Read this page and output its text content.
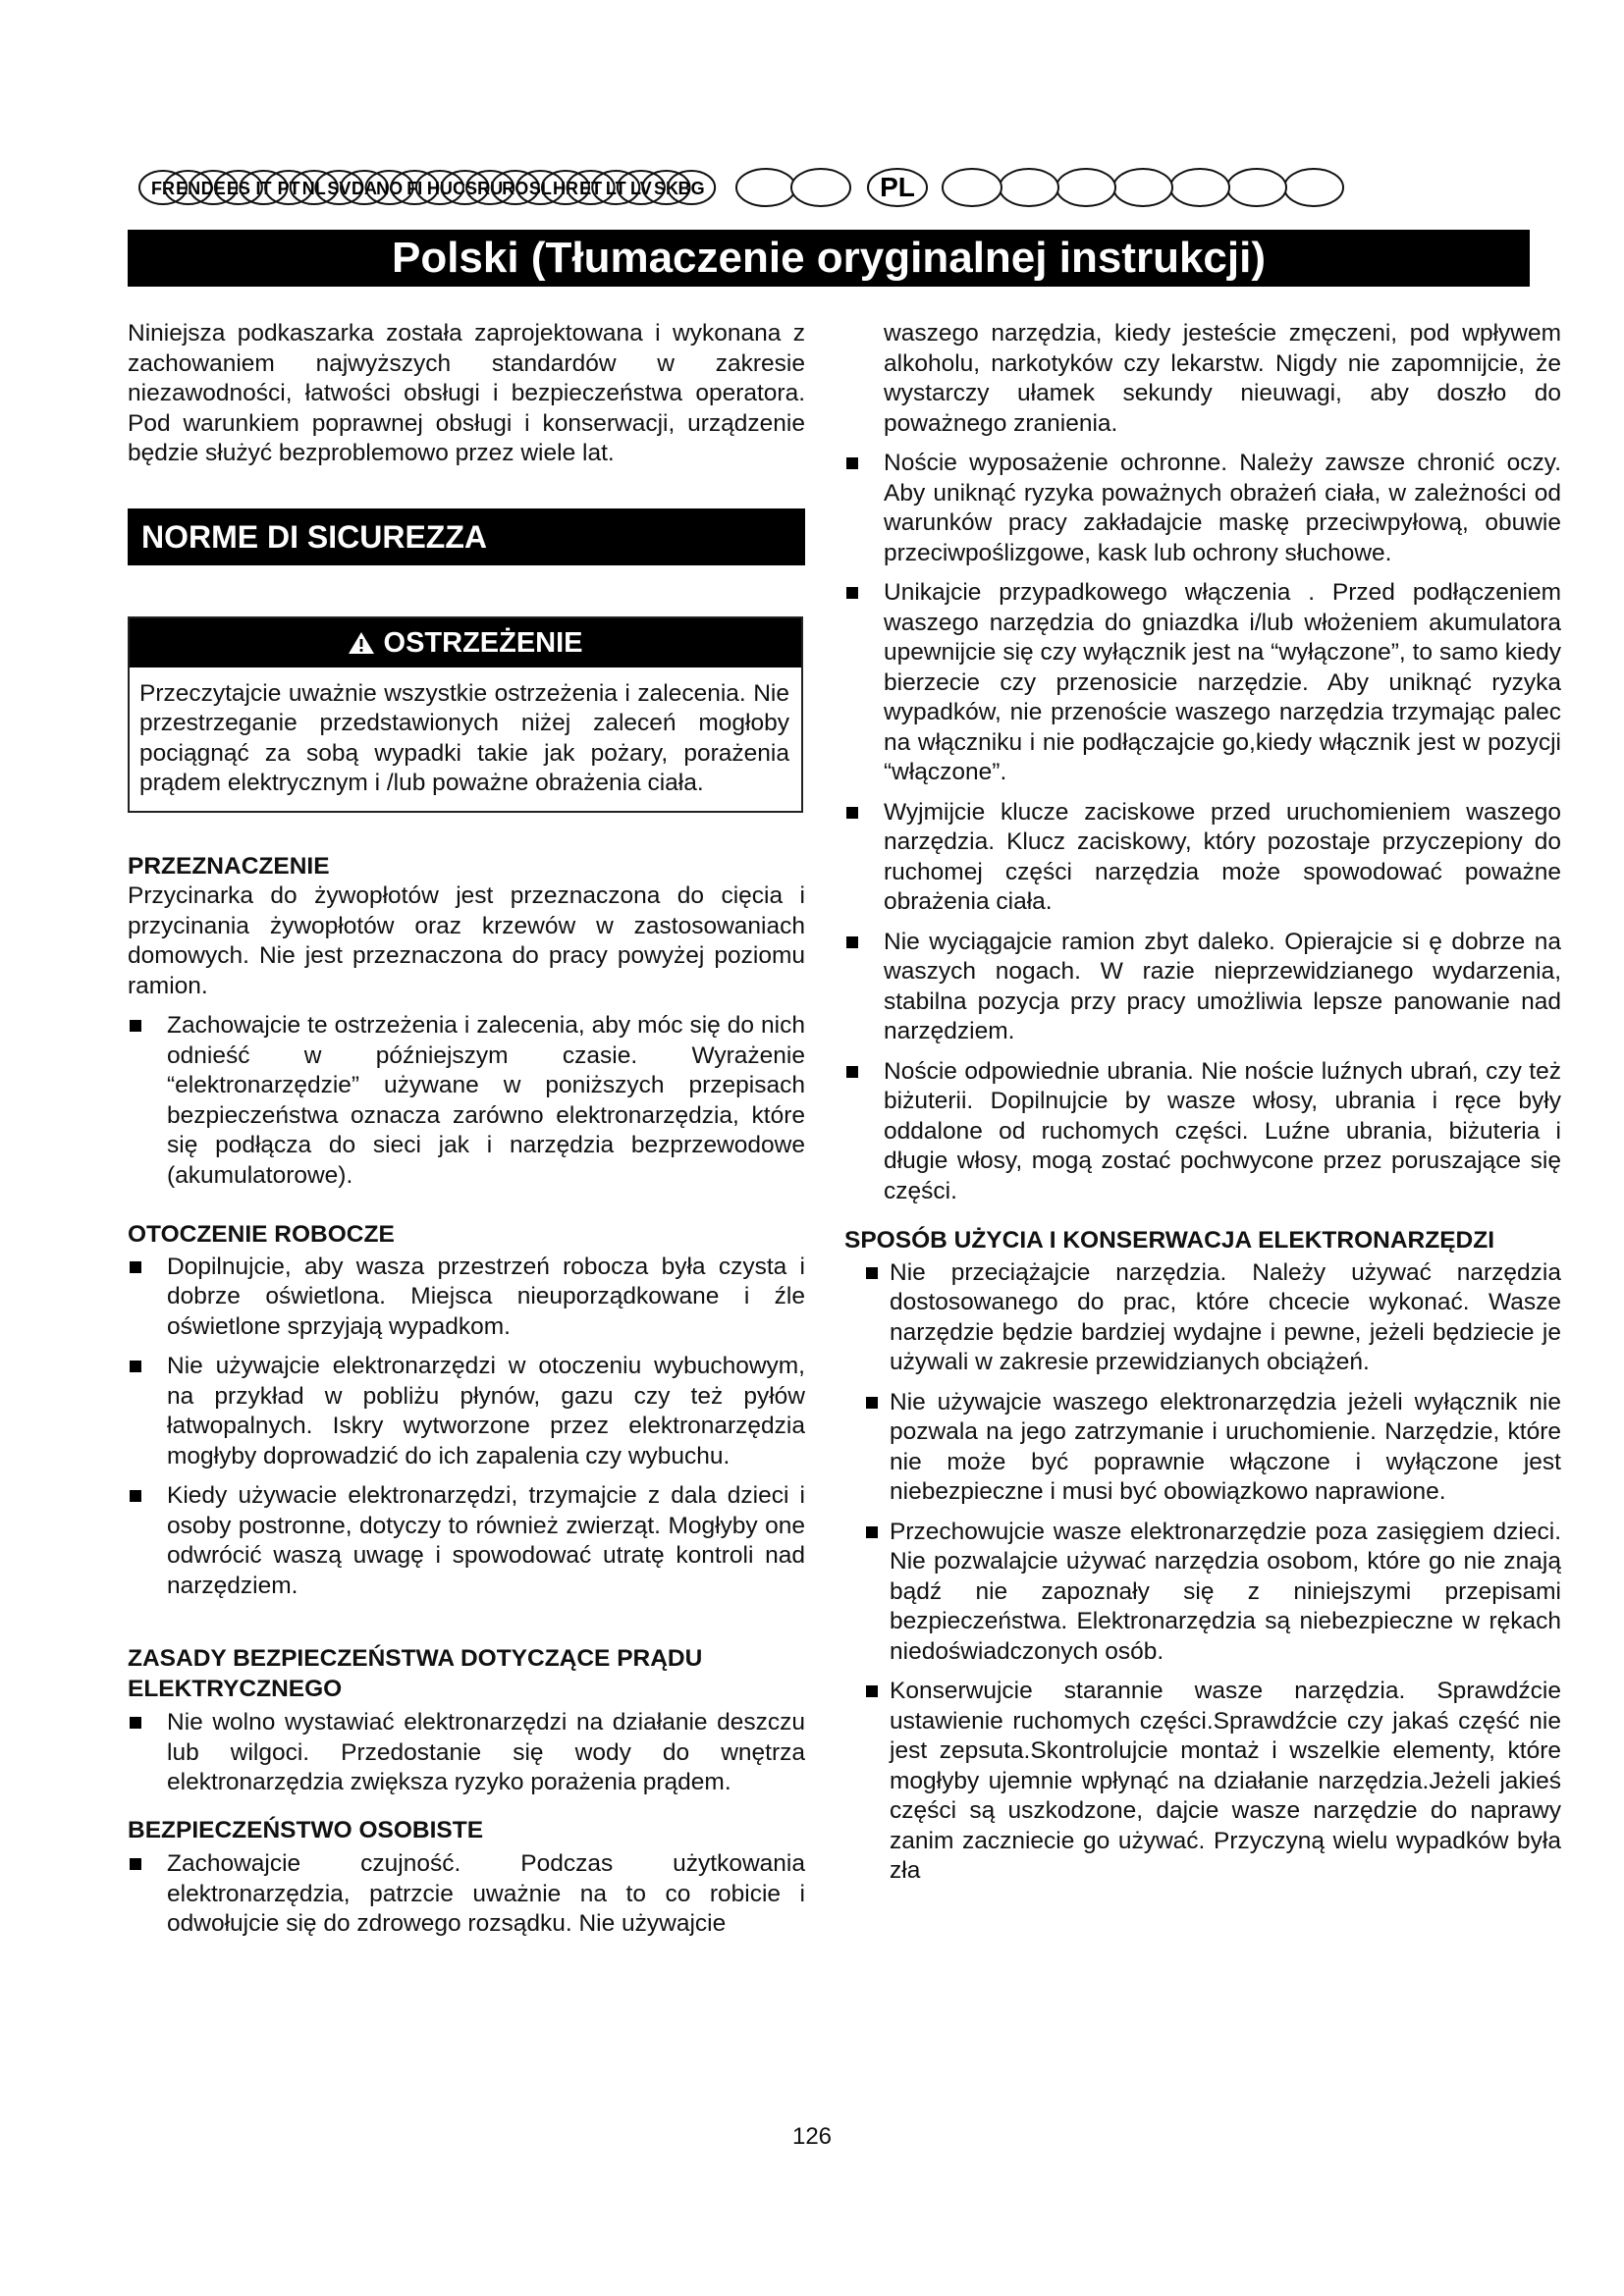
FR EN DE ES IT PT NL SV DA NO FI HU CS RU RO SL HR ET LT LV SK BG	PL
Polski (Tłumaczenie oryginalnej instrukcji)

Niniejsza podkaszarka została zaprojektowana i wykonana z zachowaniem najwyższych standardów w zakresie niezawodności, łatwości obsługi i bezpieczeństwa operatora. Pod warunkiem poprawnej obsługi i konserwacji, urządzenie będzie służyć bezproblemowo przez wiele lat.

NORME DI SICUREZZA
OSTRZEŻENIE

Przeczytajcie uważnie wszystkie ostrzeżenia i zalecenia. Nie przestrzeganie przedstawionych niżej zaleceń mogłoby pociągnąć za sobą wypadki takie jak pożary, porażenia prądem elektrycznym i /lub poważne obrażenia ciała.

PRZEZNACZENIE

Przycinarka do żywopłotów jest przeznaczona do cięcia i przycinania żywopłotów oraz krzewów w zastosowaniach domowych. Nie jest przeznaczona do pracy powyżej poziomu ramion.

Zachowajcie te ostrzeżenia i zalecenia, aby móc się do nich odnieść w późniejszym czasie. Wyrażenie “elektronarzędzie” używane w poniższych przepisach bezpieczeństwa oznacza zarówno elektronarzędzia, które się podłącza do sieci jak i narzędzia bezprzewodowe (akumulatorowe).
OTOCZENIE ROBOCZE
Dopilnujcie, aby wasza przestrzeń robocza była czysta i dobrze oświetlona. Miejsca nieuporządkowane i źle oświetlone sprzyjają wypadkom.
Nie używajcie elektronarzędzi w otoczeniu wybuchowym, na przykład w pobliżu płynów, gazu czy też pyłów łatwopalnych. Iskry wytworzone przez elektronarzędzia mogłyby doprowadzić do ich zapalenia czy wybuchu.
Kiedy używacie elektronarzędzi, trzymajcie z dala dzieci i osoby postronne, dotyczy to również zwierząt. Mogłyby one odwrócić waszą uwagę i spowodować utratę kontroli nad narzędziem.
ZASADY BEZPIECZEŃSTWA DOTYCZĄCE PRĄDU ELEKTRYCZNEGO
Nie wolno wystawiać elektronarzędzi na działanie deszczu lub wilgoci. Przedostanie się wody do wnętrza elektronarzędzia zwiększa ryzyko porażenia prądem.
BEZPIECZEŃSTWO OSOBISTE
Zachowajcie czujność. Podczas użytkowania elektronarzędzia, patrzcie uważnie na to co robicie i odwołujcie się do zdrowego rozsądku. Nie używajcie

waszego narzędzia, kiedy jesteście zmęczeni, pod wpływem alkoholu, narkotyków czy lekarstw. Nigdy nie zapomnijcie, że wystarczy ułamek sekundy nieuwagi, aby doszło do poważnego zranienia.

Noście wyposażenie ochronne. Należy zawsze chronić oczy. Aby uniknąć ryzyka poważnych obrażeń ciała, w zależności od warunków pracy zakładajcie maskę przeciwpyłową, obuwie przeciwpoślizgowe, kask lub ochrony słuchowe.
Unikajcie przypadkowego włączenia . Przed podłączeniem waszego narzędzia do gniazdka i/lub włożeniem akumulatora upewnijcie się czy wyłącznik jest na “wyłączone”, to samo kiedy bierzecie czy przenosicie narzędzie. Aby uniknąć ryzyka wypadków, nie przenoście waszego narzędzia trzymając palec na włączniku i nie podłączajcie go,kiedy włącznik jest w pozycji “włączone”.
Wyjmijcie klucze zaciskowe przed uruchomieniem waszego narzędzia. Klucz zaciskowy, który pozostaje przyczepiony do ruchomej części narzędzia może spowodować poważne obrażenia ciała.
Nie wyciągajcie ramion zbyt daleko. Opierajcie si ę dobrze na waszych nogach. W razie nieprzewidzianego wydarzenia, stabilna pozycja przy pracy umożliwia lepsze panowanie nad narzędziem.
Noście odpowiednie ubrania. Nie noście luźnych ubrań, czy też biżuterii. Dopilnujcie by wasze włosy, ubrania i ręce były oddalone od ruchomych części. Luźne ubrania, biżuteria i długie włosy, mogą zostać pochwycone przez poruszające się części.
SPOSÓB UŻYCIA I KONSERWACJA ELEKTRONARZĘDZI
Nie przeciążajcie narzędzia. Należy używać narzędzia dostosowanego do prac, które chcecie wykonać. Wasze narzędzie będzie bardziej wydajne i pewne, jeżeli będziecie je używali w zakresie przewidzianych obciążeń.
Nie używajcie waszego elektronarzędzia jeżeli wyłącznik nie pozwala na jego zatrzymanie i uruchomienie. Narzędzie, które nie może być poprawnie włączone i wyłączone jest niebezpieczne i musi być obowiązkowo naprawione.
Przechowujcie wasze elektronarzędzie poza zasięgiem dzieci. Nie pozwalajcie używać narzędzia osobom, które go nie znają bądź nie zapoznały się z niniejszymi przepisami bezpieczeństwa. Elektronarzędzia są niebezpieczne w rękach niedoświadczonych osób.
Konserwujcie starannie wasze narzędzia. Sprawdźcie ustawienie ruchomych części.Sprawdźcie czy jakaś część nie jest zepsuta.Skontrolujcie montaż i wszelkie elementy, które mogłyby ujemnie wpłynąć na działanie narzędzia.Jeżeli jakieś części są uszkodzone, dajcie wasze narzędzie do naprawy zanim zaczniecie go używać. Przyczyną wielu wypadków była zła
126
